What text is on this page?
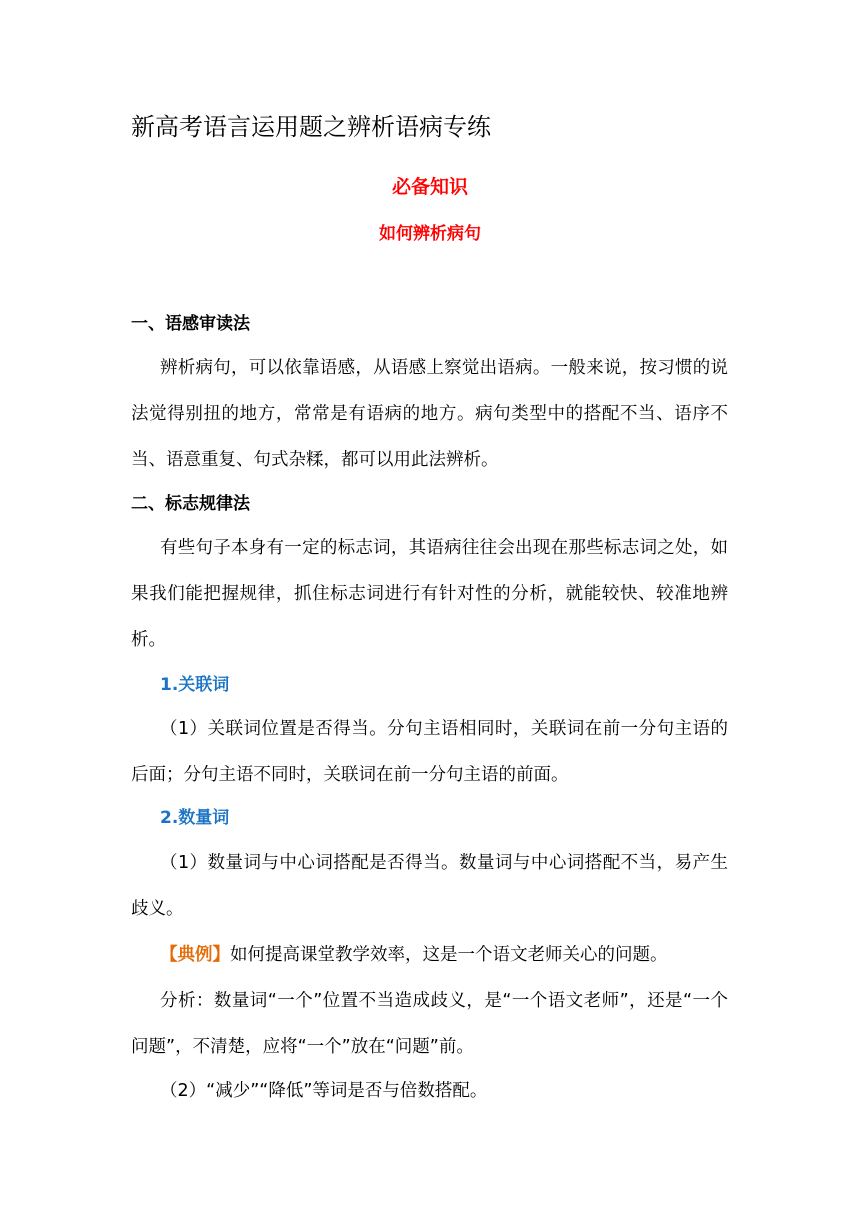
新高考语言运用题之辨析语病专练
必备知识
如何辨析病句
一、语感审读法
辨析病句，可以依靠语感，从语感上察觉出语病。一般来说，按习惯的说法觉得别扭的地方，常常是有语病的地方。病句类型中的搭配不当、语序不当、语意重复、句式杂糅，都可以用此法辨析。
二、标志规律法
有些句子本身有一定的标志词，其语病往往会出现在那些标志词之处，如果我们能把握规律，抓住标志词进行有针对性的分析，就能较快、较准地辨析。
1.关联词
（1）关联词位置是否得当。分句主语相同时，关联词在前一分句主语的后面；分句主语不同时，关联词在前一分句主语的前面。
2.数量词
（1）数量词与中心词搭配是否得当。数量词与中心词搭配不当，易产生歧义。
【典例】如何提高课堂教学效率，这是一个语文老师关心的问题。
分析：数量词“一个”位置不当造成歧义，是“一个语文老师”，还是“一个问题”，不清楚，应将“一个”放在“问题”前。
（2）“减少”“降低”等词是否与倍数搭配。
